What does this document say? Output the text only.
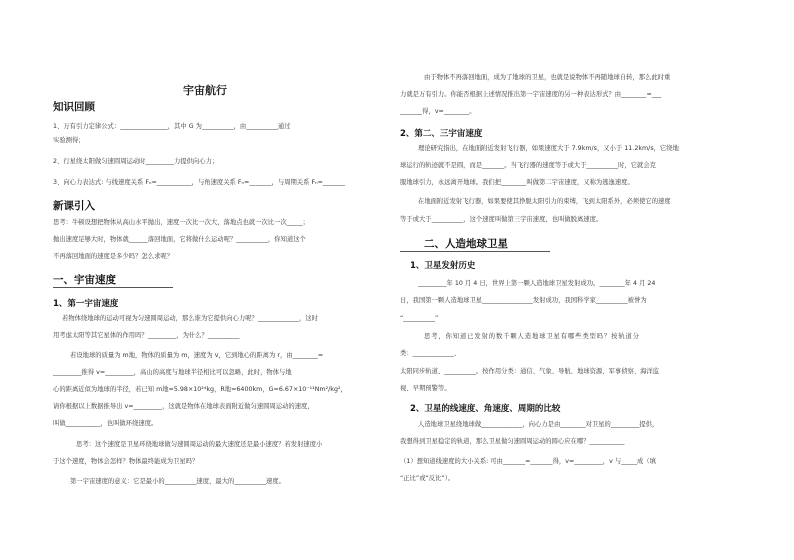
宇宙航行
知识回顾
1、万有引力定律公式：_______________，其中 G 为__________，由__________通过
实验测得；
2、行星绕太阳做匀速圆周运动时_________力提供向心力；
3、向心力表达式: 与线速度关系 Fₙ=___________，与角速度关系 Fₙ=_______，与周期关系 Fₙ=_______
新课引入
思考：牛顿设想把物体从高山水平抛出，速度一次比一次大，落地点也就一次比一次_____；
抛出速度足够大时，物体就______落回地面，它将做什么运动呢？__________，你知道这个
不再落回地面的速度是多少吗？怎么求呢？
一、宇宙速度
1、第一宇宙速度
若物体绕地球的运动可视为匀速圆周运动，那么谁为它提供向心力呢？_____________，这时
用考虑太阳等其它星体的作用吗？_________，为什么？__________
若设地球的质量为 m地，物体的质量为 m，速度为 v，它到地心的距离为 r，由________=
_________推得 v=_________，高山的高度与地球半径相比可以忽略，此时，物体与地
心的距离近似为地球的半径，若已知 m地=5.98×10²⁴kg，R地=6400km，G=6.67×10⁻¹¹Nm²/kg²，
请你根据以上数据推导出 v=_________，这就是物体在地球表面附近做匀速圆周运动的速度，
叫做___________，也叫做环绕速度。
思考：这个速度是卫星环绕地球做匀速圆周运动的最大速度还是最小速度？若发射速度小
于这个速度，物体会怎样？物体最终能成为卫星吗？
第一宇宙速度的意义：它是最小的__________速度，最大的__________速度。
由于物体不再落回地面，成为了地球的卫星，也就是说物体不再随地球自转，那么此时重
力就是万有引力。你能否根据上述情况推出第一宇宙速度的另一种表达形式？由________=___
_______得，v=________。
2、第二、三宇宙速度
理论研究指出，在地面附近发射飞行器，如果速度大于 7.9km/s，又小于 11.2km/s，它绕地
球运行的轨迹就不是圆，而是_______。当飞行器的速度等于或大于__________时，它就会克
服地球引力，永远离开地球。我们把________叫做第二宇宙速度，又称为逃逸速度。
在地面附近发射飞行器，如果要使其挣脱太阳引力的束缚，飞到太阳系外，必须使它的速度
等于或大于__________，这个速度叫做第三宇宙速度，也叫做脱离速度。
二、人造地球卫星
1、卫星发射历史
_________年 10 月 4 日，世界上第一颗人造地球卫星发射成功。________年 4 月 24
日，我国第一颗人造地球卫星________________发射成功，我国科学家__________被誉为
“__________”
思考，你知道已发射的数千颗人造地球卫星有哪些类型吗？按轨道分
类：_____________、
太阳同步轨道、__________。按作用分类：通信、气象、导航、地球资源、军事侦察、海洋监
视、早期预警等。
2、卫星的线速度、角速度、周期的比较
人造地球卫星绕地球做_____________，向心力是由________对卫星的_________提供，
我想得到卫星稳定的轨道，那么卫星做匀速圆周运动的圆心应在哪？___________
（1）想知道线速度的大小关系: 可由_______=_______得，v=_________，v 与_____成（填
“正比”或“反比”）。
